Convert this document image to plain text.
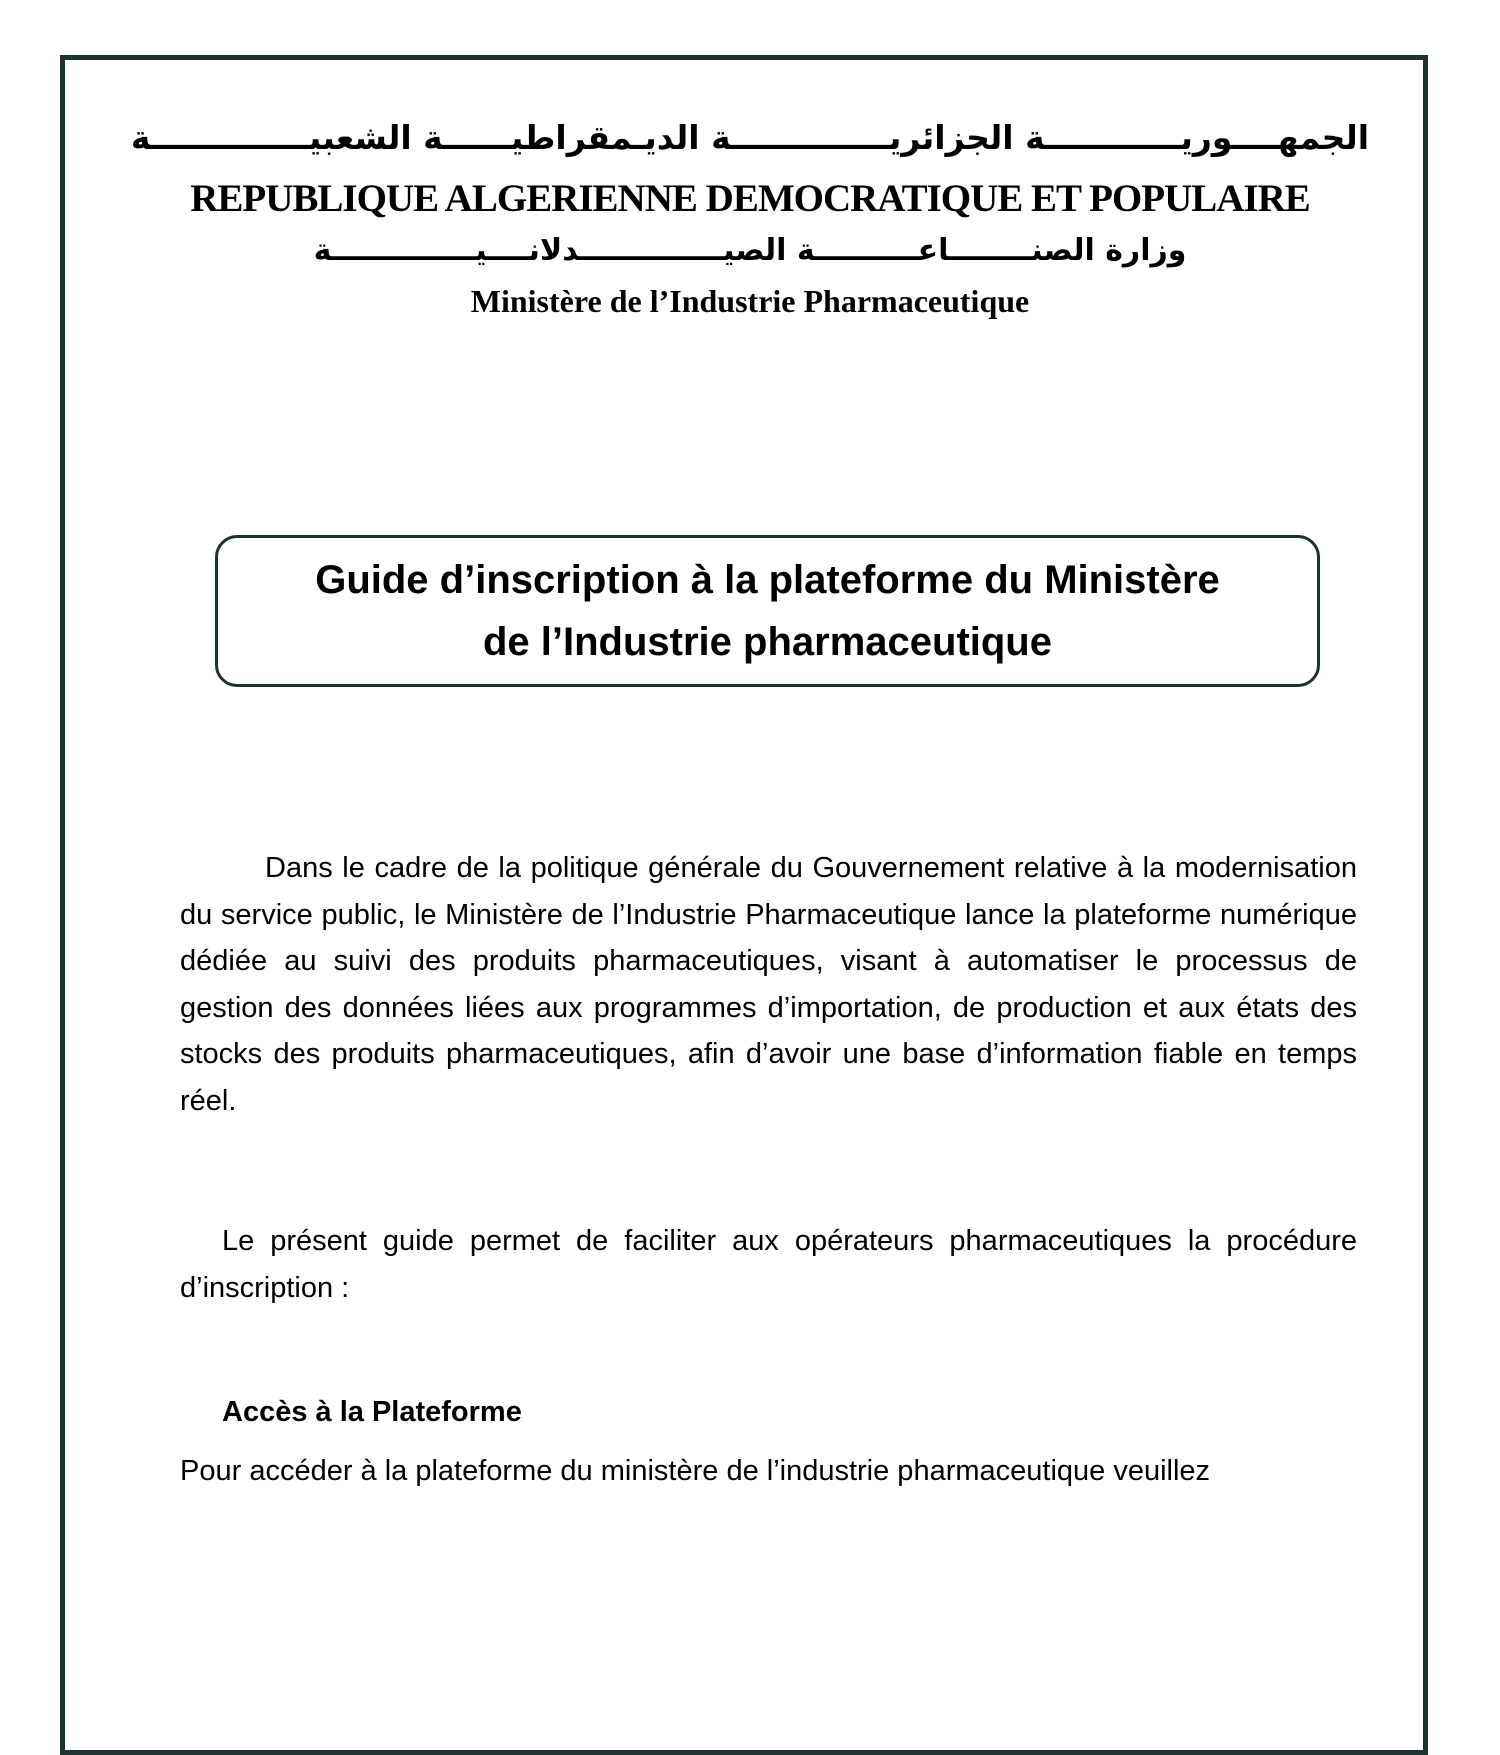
الجمهــــوريــــــــــــة الجزائريــــــــــــــة الديـمقراطيــــــة الشعبيــــــــــــــة
REPUBLIQUE ALGERIENNE DEMOCRATIQUE ET POPULAIRE
وزارة الصنــــــــاعــــــــــة الصيــــــــــــــدلانــــيــــــــــــــة
Ministère de l’Industrie Pharmaceutique
Guide d’inscription à la plateforme du Ministère
de l’Industrie pharmaceutique
Dans le cadre de la politique générale du Gouvernement relative à la modernisation du service public, le Ministère de l’Industrie Pharmaceutique lance la plateforme numérique dédiée au suivi des produits pharmaceutiques, visant à automatiser le processus de gestion des données liées aux programmes d’importation, de production et aux états des stocks des produits pharmaceutiques, afin d’avoir une base d’information fiable en temps réel.
Le présent guide permet de faciliter aux opérateurs pharmaceutiques la procédure d’inscription :
Accès à la Plateforme
Pour accéder à la plateforme du ministère de l’industrie pharmaceutique veuillez
